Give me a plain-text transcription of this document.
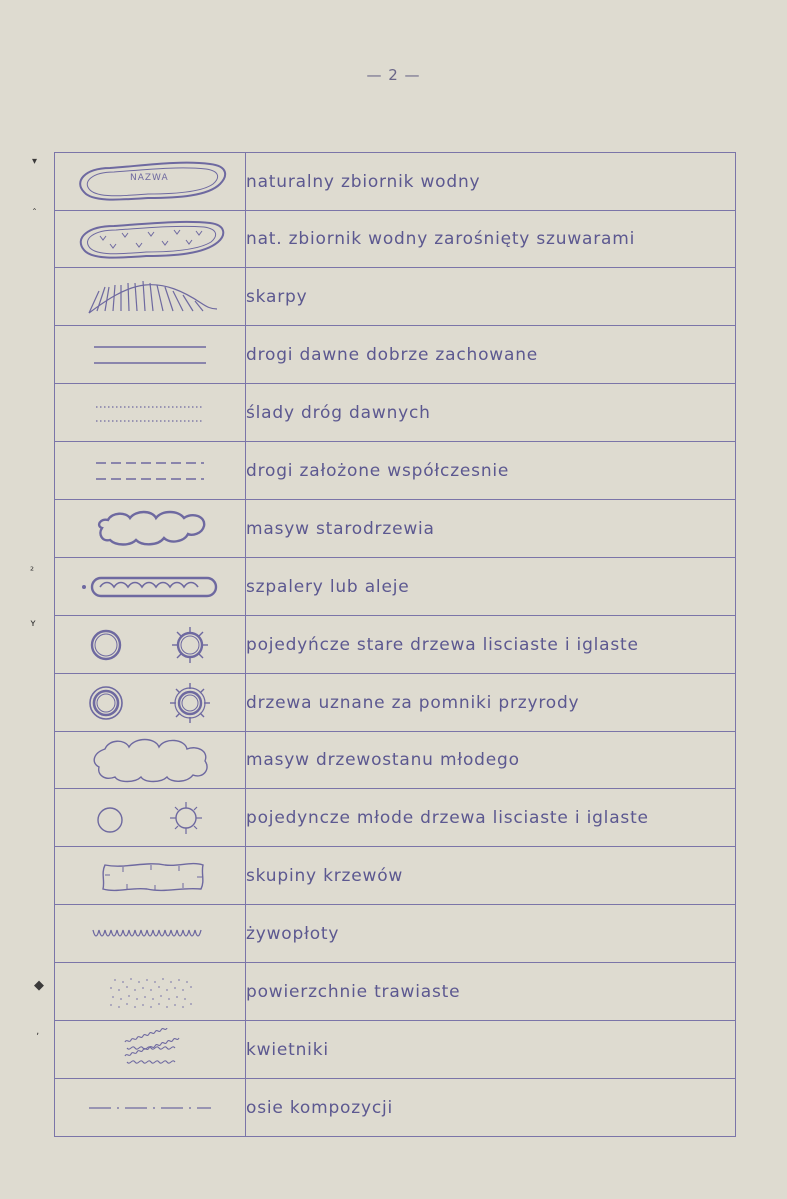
— 2 —
▾
ˆ
²
ʏ
◆
ʼ
NAZWA	naturalny zbiornik wodny

	nat. zbiornik wodny zarośnięty szuwarami

	skarpy

	drogi dawne dobrze zachowane

	ślady dróg dawnych

	drogi założone współczesnie

	masyw starodrzewia

	szpalery lub aleje

	pojedyńcze stare drzewa lisciaste i iglaste

	drzewa uznane za pomniki przyrody

	masyw drzewostanu młodego

	pojedyncze młode drzewa lisciaste i iglaste

	skupiny krzewów

	żywopłoty

	powierzchnie trawiaste

	kwietniki

	osie kompozycji
